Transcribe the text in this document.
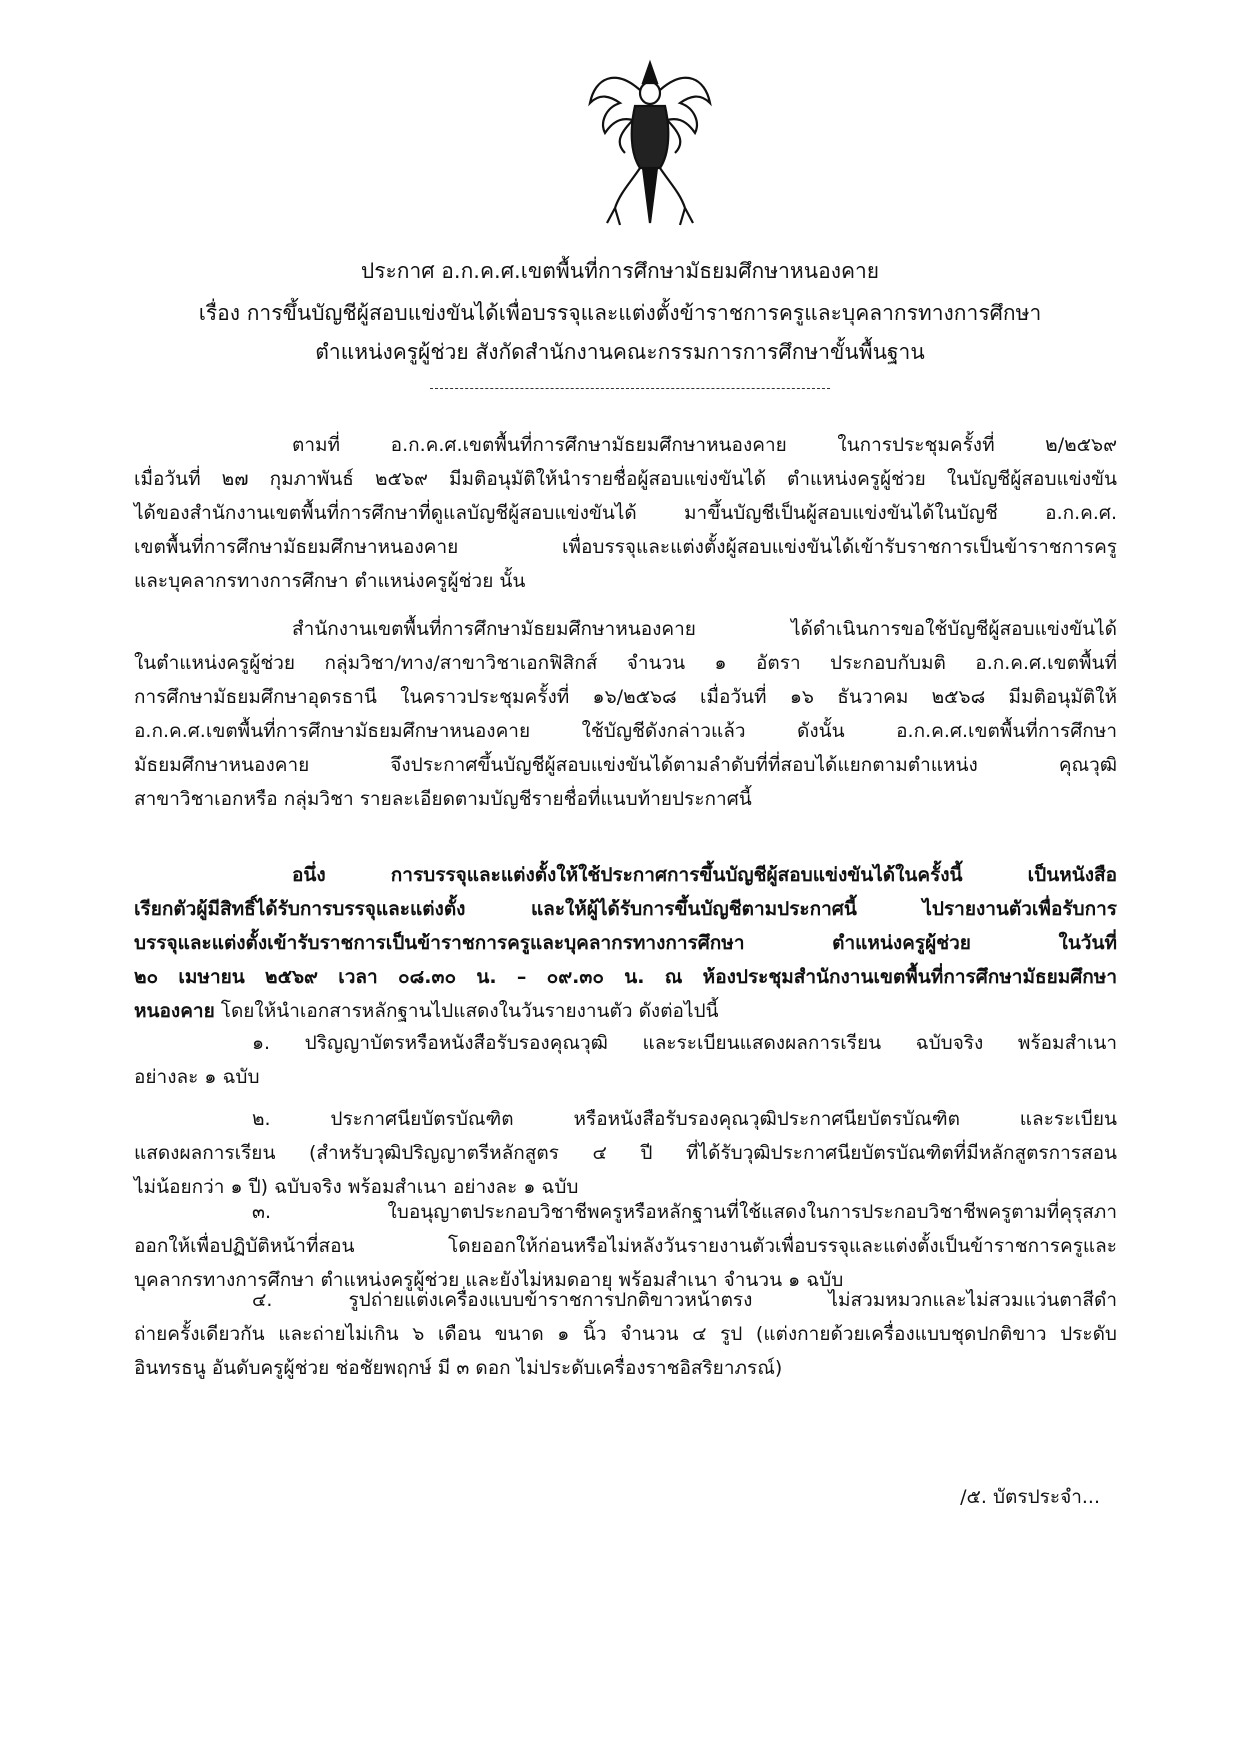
ประกาศ อ.ก.ค.ศ.เขตพื้นที่การศึกษามัธยมศึกษาหนองคาย
เรื่อง การขึ้นบัญชีผู้สอบแข่งขันได้เพื่อบรรจุและแต่งตั้งข้าราชการครูและบุคลากรทางการศึกษา
ตำแหน่งครูผู้ช่วย สังกัดสำนักงานคณะกรรมการการศึกษาขั้นพื้นฐาน
ตามที่ อ.ก.ค.ศ.เขตพื้นที่การศึกษามัธยมศึกษาหนองคาย ในการประชุมครั้งที่ ๒/๒๕๖๙
เมื่อวันที่ ๒๗ กุมภาพันธ์ ๒๕๖๙ มีมติอนุมัติให้นำรายชื่อผู้สอบแข่งขันได้ ตำแหน่งครูผู้ช่วย ในบัญชีผู้สอบแข่งขัน
ได้ของสำนักงานเขตพื้นที่การศึกษาที่ดูแลบัญชีผู้สอบแข่งขันได้ มาขึ้นบัญชีเป็นผู้สอบแข่งขันได้ในบัญชี อ.ก.ค.ศ.
เขตพื้นที่การศึกษามัธยมศึกษาหนองคาย เพื่อบรรจุและแต่งตั้งผู้สอบแข่งขันได้เข้ารับราชการเป็นข้าราชการครู
และบุคลากรทางการศึกษา ตำแหน่งครูผู้ช่วย นั้น
สำนักงานเขตพื้นที่การศึกษามัธยมศึกษาหนองคาย ได้ดำเนินการขอใช้บัญชีผู้สอบแข่งขันได้
ในตำแหน่งครูผู้ช่วย กลุ่มวิชา/ทาง/สาขาวิชาเอกฟิสิกส์ จำนวน ๑ อัตรา ประกอบกับมติ อ.ก.ค.ศ.เขตพื้นที่
การศึกษามัธยมศึกษาอุดรธานี ในคราวประชุมครั้งที่ ๑๖/๒๕๖๘ เมื่อวันที่ ๑๖ ธันวาคม ๒๕๖๘ มีมติอนุมัติให้
อ.ก.ค.ศ.เขตพื้นที่การศึกษามัธยมศึกษาหนองคาย ใช้บัญชีดังกล่าวแล้ว ดังนั้น อ.ก.ค.ศ.เขตพื้นที่การศึกษา
มัธยมศึกษาหนองคาย จึงประกาศขึ้นบัญชีผู้สอบแข่งขันได้ตามลำดับที่ที่สอบได้แยกตามตำแหน่ง คุณวุฒิ
สาขาวิชาเอกหรือ กลุ่มวิชา รายละเอียดตามบัญชีรายชื่อที่แนบท้ายประกาศนี้
อนึ่ง การบรรจุและแต่งตั้งให้ใช้ประกาศการขึ้นบัญชีผู้สอบแข่งขันได้ในครั้งนี้ เป็นหนังสือ
เรียกตัวผู้มีสิทธิ์ได้รับการบรรจุและแต่งตั้ง และให้ผู้ได้รับการขึ้นบัญชีตามประกาศนี้ ไปรายงานตัวเพื่อรับการ
บรรจุและแต่งตั้งเข้ารับราชการเป็นข้าราชการครูและบุคลากรทางการศึกษา ตำแหน่งครูผู้ช่วย ในวันที่
๒๐ เมษายน ๒๕๖๙ เวลา ๐๘.๓๐ น. – ๐๙.๓๐ น. ณ ห้องประชุมสำนักงานเขตพื้นที่การศึกษามัธยมศึกษา
หนองคาย โดยให้นำเอกสารหลักฐานไปแสดงในวันรายงานตัว ดังต่อไปนี้
๑. ปริญญาบัตรหรือหนังสือรับรองคุณวุฒิ และระเบียนแสดงผลการเรียน ฉบับจริง พร้อมสำเนา
อย่างละ ๑ ฉบับ
๒. ประกาศนียบัตรบัณฑิต หรือหนังสือรับรองคุณวุฒิประกาศนียบัตรบัณฑิต และระเบียน
แสดงผลการเรียน (สำหรับวุฒิปริญญาตรีหลักสูตร ๔ ปี ที่ได้รับวุฒิประกาศนียบัตรบัณฑิตที่มีหลักสูตรการสอน
ไม่น้อยกว่า ๑ ปี) ฉบับจริง พร้อมสำเนา อย่างละ ๑ ฉบับ
๓. ใบอนุญาตประกอบวิชาชีพครูหรือหลักฐานที่ใช้แสดงในการประกอบวิชาชีพครูตามที่คุรุสภา
ออกให้เพื่อปฏิบัติหน้าที่สอน โดยออกให้ก่อนหรือไม่หลังวันรายงานตัวเพื่อบรรจุและแต่งตั้งเป็นข้าราชการครูและ
บุคลากรทางการศึกษา ตำแหน่งครูผู้ช่วย และยังไม่หมดอายุ พร้อมสำเนา จำนวน ๑ ฉบับ
๔. รูปถ่ายแต่งเครื่องแบบข้าราชการปกติขาวหน้าตรง ไม่สวมหมวกและไม่สวมแว่นตาสีดำ
ถ่ายครั้งเดียวกัน และถ่ายไม่เกิน ๖ เดือน ขนาด ๑ นิ้ว จำนวน ๔ รูป (แต่งกายด้วยเครื่องแบบชุดปกติขาว ประดับ
อินทรธนู อันดับครูผู้ช่วย ช่อชัยพฤกษ์ มี ๓ ดอก ไม่ประดับเครื่องราชอิสริยาภรณ์)
/๕. บัตรประจำ...
